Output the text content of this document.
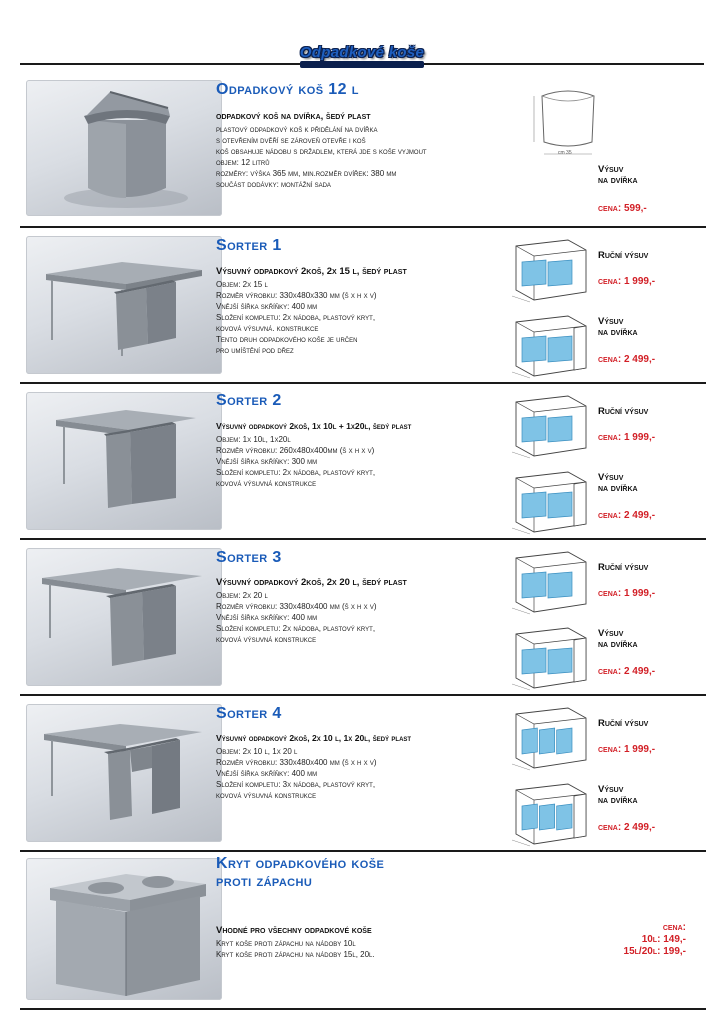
Odpadkové koše
Odpadkový koš 12 l
odpadkový koš na dvířka, šedý plast
plastový odpadkový koš k přidělání na dvířka
s otevřením dvěří se zároveň otevře i koš
koš obsahuje nádobu s držadlem, která jde s koše vyjmout
objem: 12 litrů
rozměry: výška 365 mm, min.rozměr dvířek: 380 mm
součást dodávky: montážní sada
cm 35
Výsuv
na dvířka
cena: 599,-
Sorter 1
Výsuvný odpadkový 2koš, 2x 15 l, šedý plast
Objem: 2x 15 l
Rozměr výrobku: 330x480x330 mm (š x h x v)
Vnější šířka skříňky: 400 mm
Složení kompletu: 2x nádoba, plastový kryt,
kovová výsuvná. konstrukce
Tento druh odpadkového koše je určen
pro umíštění pod dřez
Sorter 2
Výsuvný odpadkový 2koš, 1x 10l + 1x20l, šedý plast
Objem: 1x 10l, 1x20l
Rozměr výrobku: 260x480x400mm (š x h x v)
Vnější šířka skříňky: 300 mm
Složení kompletu: 2x nádoba, plastový kryt,
kovová výsuvná konstrukce
Sorter 3
Výsuvný odpadkový 2koš, 2x 20 l, šedý plast
Objem: 2x 20 l
Rozměr výrobku: 330x480x400 mm (š x h x v)
Vnější šířka skříňky: 400 mm
Složení kompletu: 2x nádoba, plastový kryt,
kovová výsuvná konstrukce
Sorter 4
Výsuvný odpadkový 2koš, 2x 10 l, 1x 20l, šedý plast
Objem: 2x 10 l, 1x 20 l
Rozměr výrobku: 330x480x400 mm (š x h x v)
Vnější šířka skříňky: 400 mm
Složení kompletu: 3x nádoba, plastový kryt,
kovová výsuvná konstrukce
Kryt odpadkového koše
proti zápachu
Vhodné pro všechny odpadkové koše
Kryt koše proti zápachu na nádoby 10l
Kryt koše proti zápachu na nádoby 15l, 20l.
cena:
10l: 149,-
15l/20l: 199,-
Ruční výsuv
cena: 1 999,-
Výsuv
na dvířka
cena: 2 499,-
Ruční výsuv
cena: 1 999,-
Výsuv
na dvířka
cena: 2 499,-
Ruční výsuv
cena: 1 999,-
Výsuv
na dvířka
cena: 2 499,-
Ruční výsuv
cena: 1 999,-
Výsuv
na dvířka
cena: 2 499,-
